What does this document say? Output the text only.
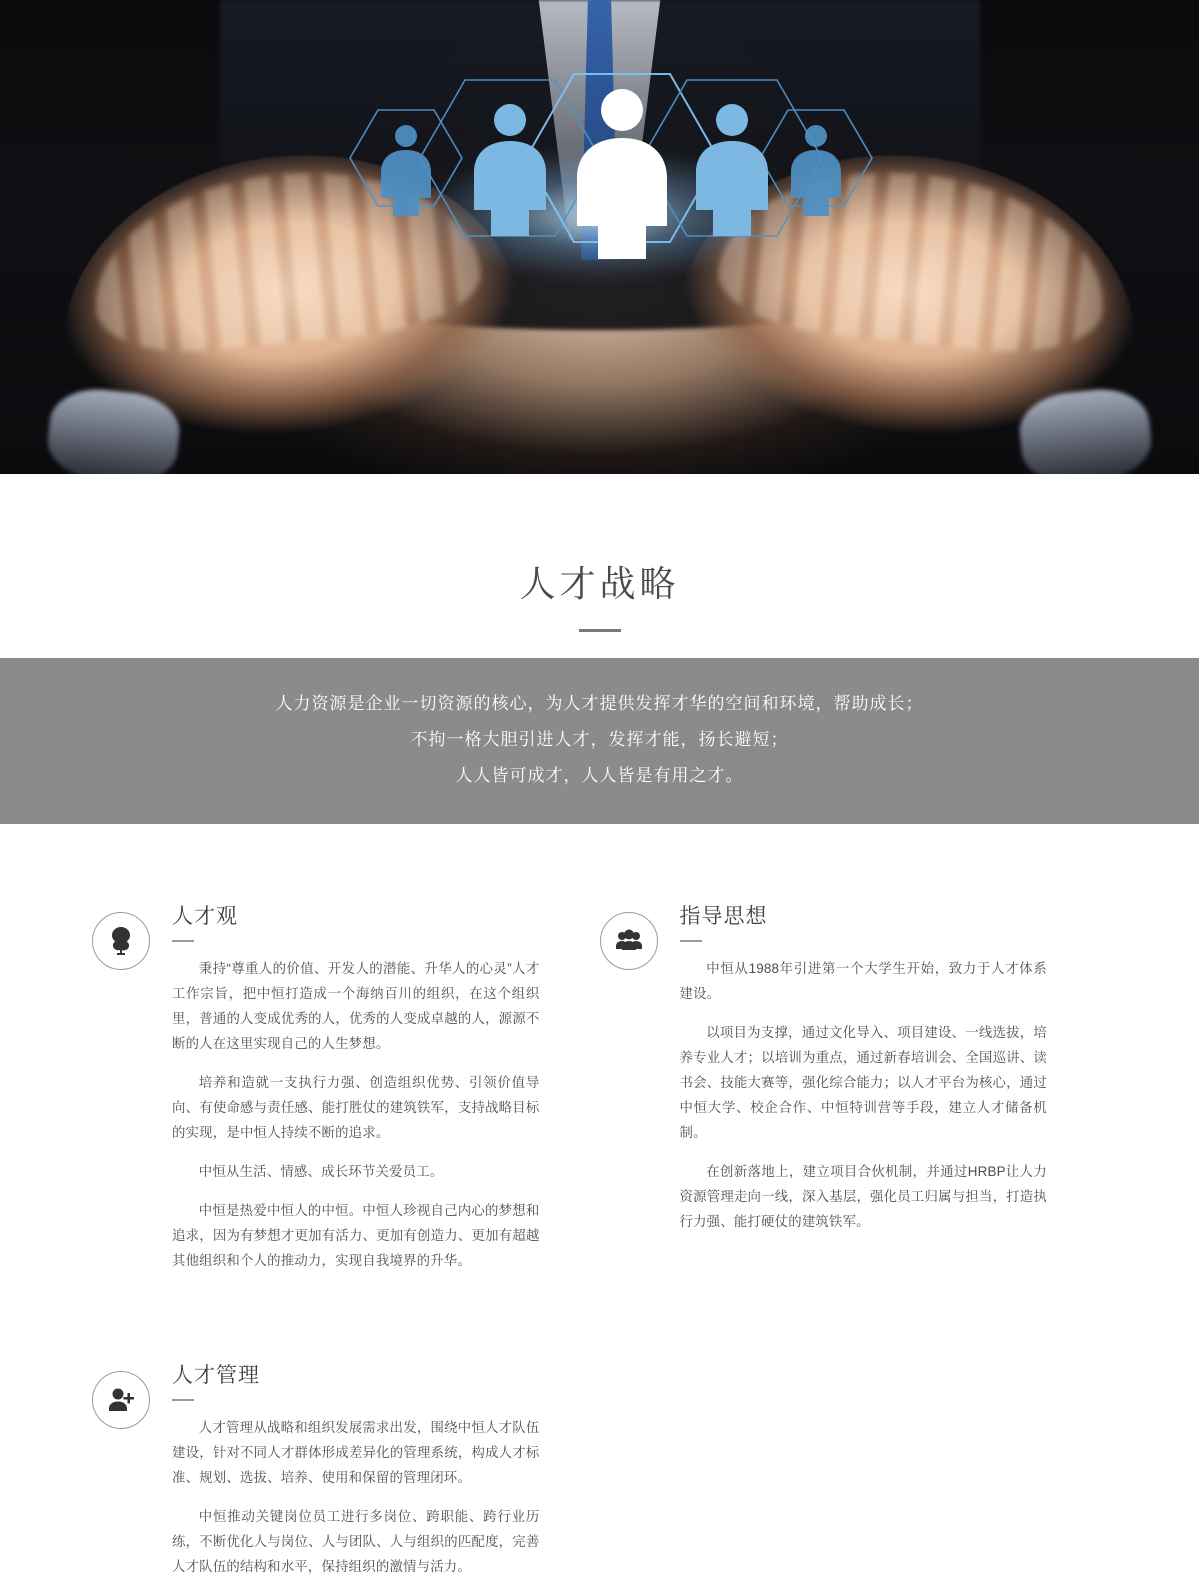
人才战略

人力资源是企业一切资源的核心，为人才提供发挥才华的空间和环境，帮助成长；

不拘一格大胆引进人才，发挥才能，扬长避短；

人人皆可成才，人人皆是有用之才。

人才观

秉持“尊重人的价值、开发人的潜能、升华人的心灵”人才工作宗旨，把中恒打造成一个海纳百川的组织，在这个组织里，普通的人变成优秀的人，优秀的人变成卓越的人，源源不断的人在这里实现自己的人生梦想。

培养和造就一支执行力强、创造组织优势、引领价值导向、有使命感与责任感、能打胜仗的建筑铁军，支持战略目标的实现，是中恒人持续不断的追求。

中恒从生活、情感、成长环节关爱员工。

中恒是热爱中恒人的中恒。中恒人珍视自己内心的梦想和追求，因为有梦想才更加有活力、更加有创造力、更加有超越其他组织和个人的推动力，实现自我境界的升华。

指导思想

中恒从1988年引进第一个大学生开始，致力于人才体系建设。

以项目为支撑，通过文化导入、项目建设、一线选拔，培养专业人才；以培训为重点，通过新春培训会、全国巡讲、读书会、技能大赛等，强化综合能力；以人才平台为核心，通过中恒大学、校企合作、中恒特训营等手段，建立人才储备机制。

在创新落地上，建立项目合伙机制，并通过HRBP让人力资源管理走向一线，深入基层，强化员工归属与担当，打造执行力强、能打硬仗的建筑铁军。

人才管理

人才管理从战略和组织发展需求出发，围绕中恒人才队伍建设，针对不同人才群体形成差异化的管理系统，构成人才标准、规划、选拔、培养、使用和保留的管理闭环。

中恒推动关键岗位员工进行多岗位、跨职能、跨行业历练，不断优化人与岗位、人与团队、人与组织的匹配度，完善人才队伍的结构和水平，保持组织的激情与活力。
